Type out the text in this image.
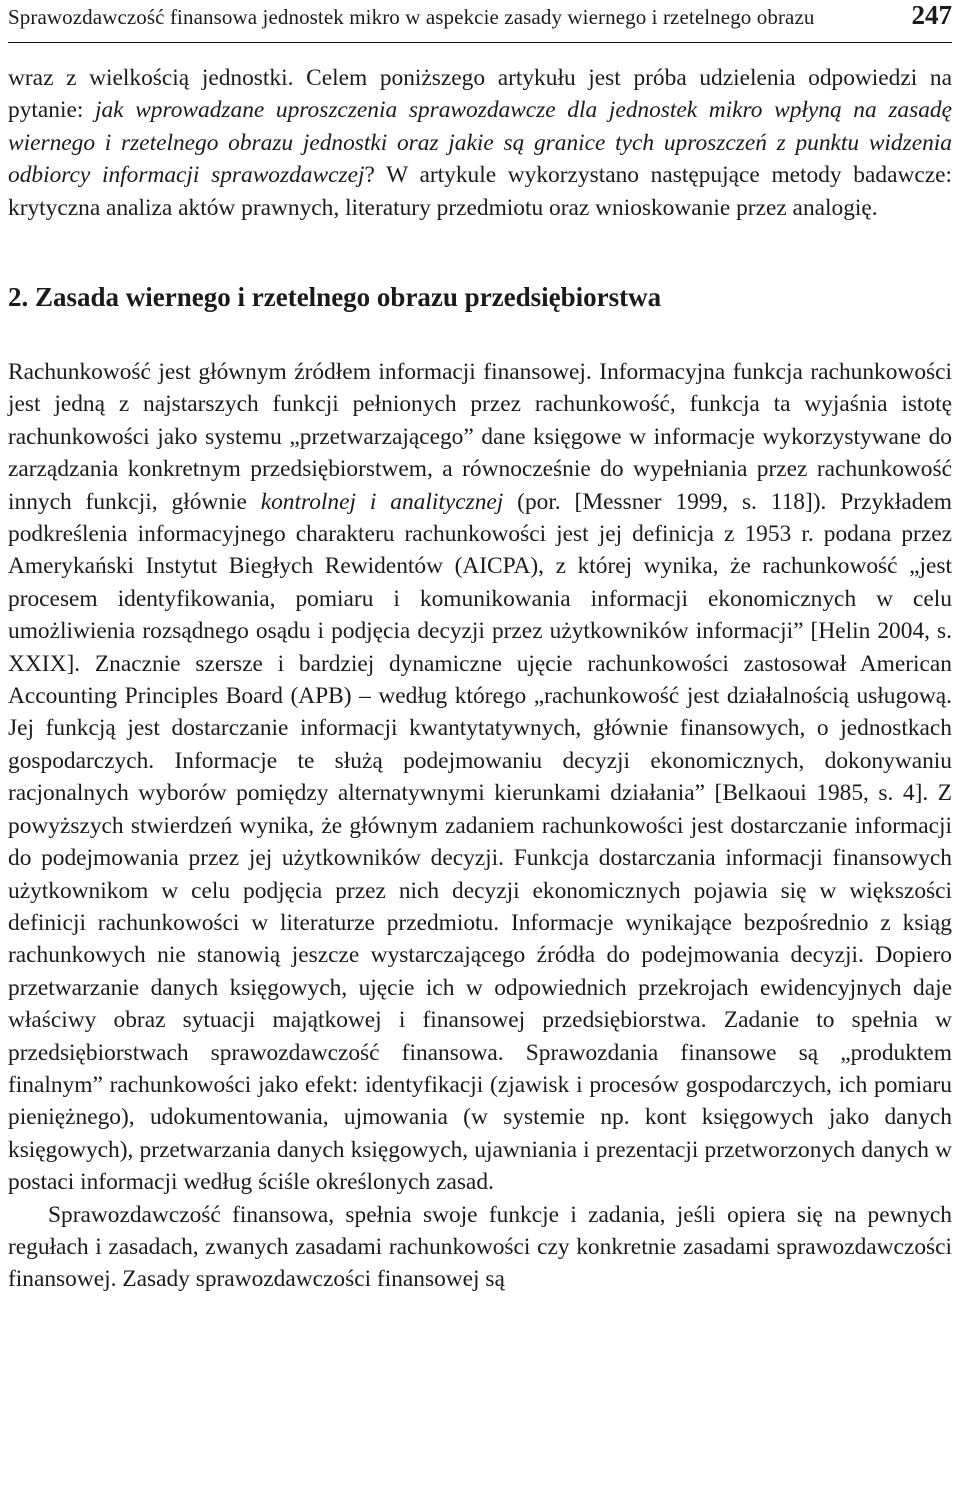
Sprawozdawczość finansowa jednostek mikro w aspekcie zasady wiernego i rzetelnego obrazu	247

wraz z wielkością jednostki. Celem poniższego artykułu jest próba udzielenia odpowiedzi na pytanie: jak wprowadzane uproszczenia sprawozdawcze dla jednostek mikro wpłyną na zasadę wiernego i rzetelnego obrazu jednostki oraz jakie są granice tych uproszczeń z punktu widzenia odbiorcy informacji sprawozdawczej? W artykule wykorzystano następujące metody badawcze: krytyczna analiza aktów prawnych, literatury przedmiotu oraz wnioskowanie przez analogię.

2. Zasada wiernego i rzetelnego obrazu przedsiębiorstwa

Rachunkowość jest głównym źródłem informacji finansowej. Informacyjna funkcja rachunkowości jest jedną z najstarszych funkcji pełnionych przez rachunkowość, funkcja ta wyjaśnia istotę rachunkowości jako systemu „przetwarzającego” dane księgowe w informacje wykorzystywane do zarządzania konkretnym przedsiębiorstwem, a równocześnie do wypełniania przez rachunkowość innych funkcji, głównie kontrolnej i analitycznej (por. [Messner 1999, s. 118]). Przykładem podkreślenia informacyjnego charakteru rachunkowości jest jej definicja z 1953 r. podana przez Amerykański Instytut Biegłych Rewidentów (AICPA), z której wynika, że rachunkowość „jest procesem identyfikowania, pomiaru i komunikowania informacji ekonomicznych w celu umożliwienia rozsądnego osądu i podjęcia decyzji przez użytkowników informacji” [Helin 2004, s. XXIX]. Znacznie szersze i bardziej dynamiczne ujęcie rachunkowości zastosował American Accounting Principles Board (APB) – według którego „rachunkowość jest działalnością usługową. Jej funkcją jest dostarczanie informacji kwantytatywnych, głównie finansowych, o jednostkach gospodarczych. Informacje te służą podejmowaniu decyzji ekonomicznych, dokonywaniu racjonalnych wyborów pomiędzy alternatywnymi kierunkami działania” [Belkaoui 1985, s. 4]. Z powyższych stwierdzeń wynika, że głównym zadaniem rachunkowości jest dostarczanie informacji do podejmowania przez jej użytkowników decyzji. Funkcja dostarczania informacji finansowych użytkownikom w celu podjęcia przez nich decyzji ekonomicznych pojawia się w większości definicji rachunkowości w literaturze przedmiotu. Informacje wynikające bezpośrednio z ksiąg rachunkowych nie stanowią jeszcze wystarczającego źródła do podejmowania decyzji. Dopiero przetwarzanie danych księgowych, ujęcie ich w odpowiednich przekrojach ewidencyjnych daje właściwy obraz sytuacji majątkowej i finansowej przedsiębiorstwa. Zadanie to spełnia w przedsiębiorstwach sprawozdawczość finansowa. Sprawozdania finansowe są „produktem finalnym” rachunkowości jako efekt: identyfikacji (zjawisk i procesów gospodarczych, ich pomiaru pieniężnego), udokumentowania, ujmowania (w systemie np. kont księgowych jako danych księgowych), przetwarzania danych księgowych, ujawniania i prezentacji przetworzonych danych w postaci informacji według ściśle określonych zasad.

Sprawozdawczość finansowa, spełnia swoje funkcje i zadania, jeśli opiera się na pewnych regułach i zasadach, zwanych zasadami rachunkowości czy konkretnie zasadami sprawozdawczości finansowej. Zasady sprawozdawczości finansowej są
